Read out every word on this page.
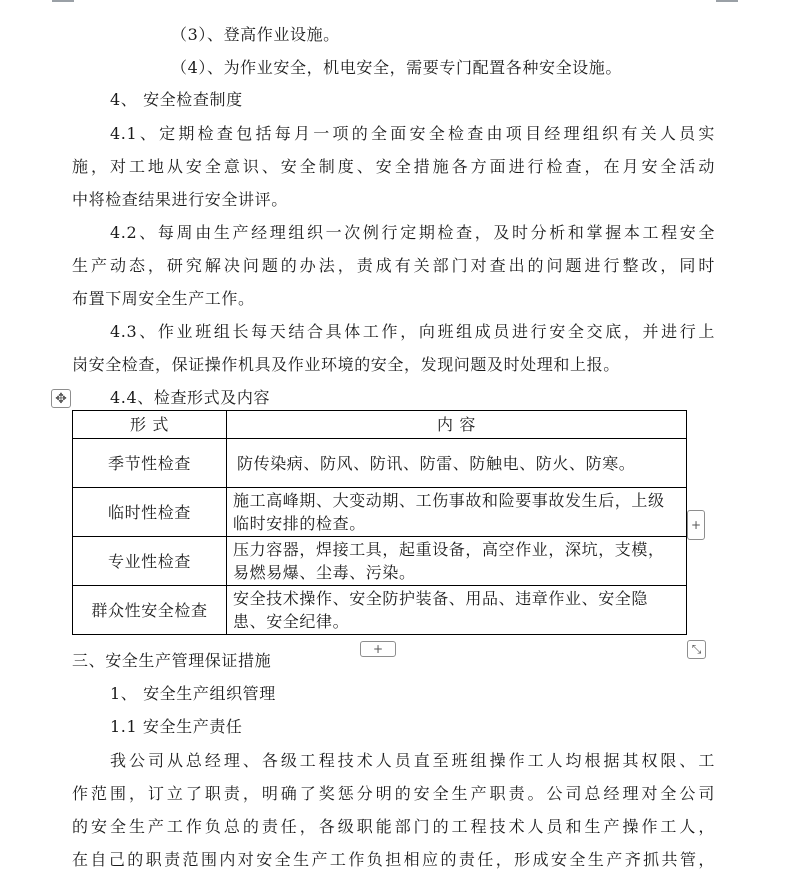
（3）、登高作业设施。
（4）、为作业安全，机电安全，需要专门配置各种安全设施。
4、 安全检查制度
4.1、定期检查包括每月一项的全面安全检查由项目经理组织有关人员实
施，对工地从安全意识、安全制度、安全措施各方面进行检查，在月安全活动
中将检查结果进行安全讲评。
4.2、每周由生产经理组织一次例行定期检查，及时分析和掌握本工程安全
生产动态，研究解决问题的办法，责成有关部门对查出的问题进行整改，同时
布置下周安全生产工作。
4.3、作业班组长每天结合具体工作，向班组成员进行安全交底，并进行上
岗安全检查，保证操作机具及作业环境的安全，发现问题及时处理和上报。
✥	4.4、检查形式及内容
形 式	内 容
季节性检查	防传染病、防风、防讯、防雷、防触电、防火、防寒。
临时性检查	施工高峰期、大变动期、工伤事故和险要事故发生后，上级临时安排的检查。
专业性检查	压力容器，焊接工具，起重设备，高空作业，深坑，支模，易燃易爆、尘毒、污染。
群众性安全检查	安全技术操作、安全防护装备、用品、违章作业、安全隐患、安全纪律。
+
+	⤡
三、安全生产管理保证措施
1、 安全生产组织管理
1.1 安全生产责任
我公司从总经理、各级工程技术人员直至班组操作工人均根据其权限、工
作范围，订立了职责，明确了奖惩分明的安全生产职责。公司总经理对全公司
的安全生产工作负总的责任，各级职能部门的工程技术人员和生产操作工人，
在自己的职责范围内对安全生产工作负担相应的责任，形成安全生产齐抓共管，
